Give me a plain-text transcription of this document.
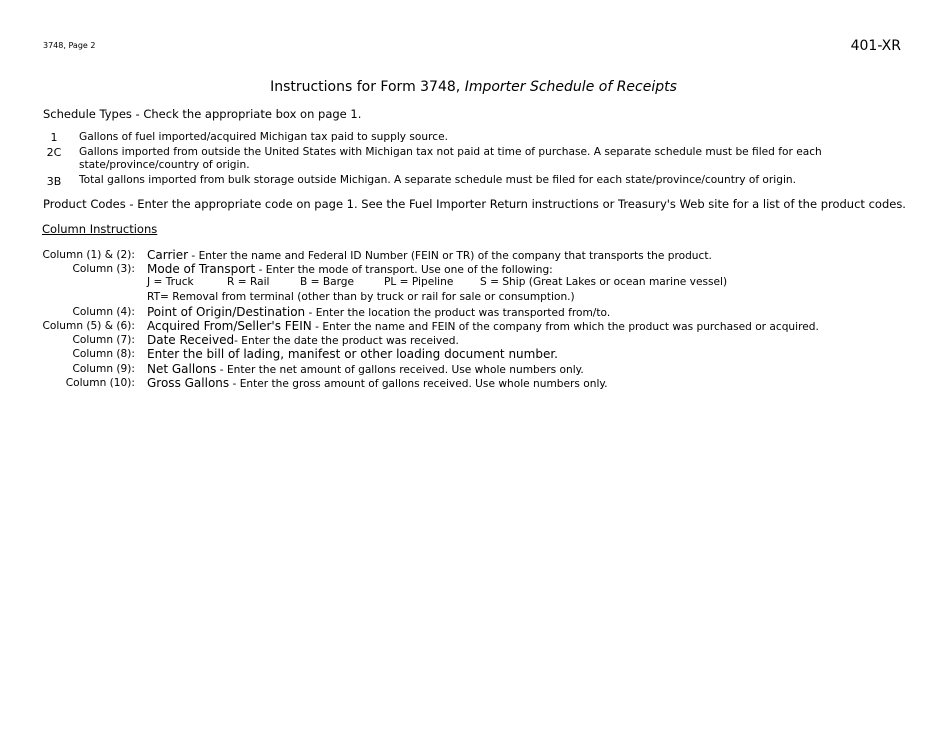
3748, Page 2	401-XR
Instructions for Form 3748, Importer Schedule of Receipts
Schedule Types - Check the appropriate box on page 1.
1	Gallons of fuel imported/acquired Michigan tax paid to supply source.
2C	Gallons imported from outside the United States with Michigan tax not paid at time of purchase. A separate schedule must be filed for each state/province/country of origin.
3B	Total gallons imported from bulk storage outside Michigan. A separate schedule must be filed for each state/province/country of origin.
Product Codes - Enter the appropriate code on page 1. See the Fuel Importer Return instructions or Treasury's Web site for a list of the product codes.
Column Instructions
Column (1) & (2): Carrier - Enter the name and Federal ID Number (FEIN or TR) of the company that transports the product.
Column (3): Mode of Transport - Enter the mode of transport. Use one of the following:
J = Truck	R = Rail	B = Barge	PL = Pipeline	S = Ship (Great Lakes or ocean marine vessel)
RT= Removal from terminal (other than by truck or rail for sale or consumption.)
Column (4): Point of Origin/Destination - Enter the location the product was transported from/to.
Column (5) & (6): Acquired From/Seller's FEIN - Enter the name and FEIN of the company from which the product was purchased or acquired.
Column (7): Date Received- Enter the date the product was received.
Column (8): Enter the bill of lading, manifest or other loading document number.
Column (9): Net Gallons - Enter the net amount of gallons received. Use whole numbers only.
Column (10): Gross Gallons - Enter the gross amount of gallons received. Use whole numbers only.
